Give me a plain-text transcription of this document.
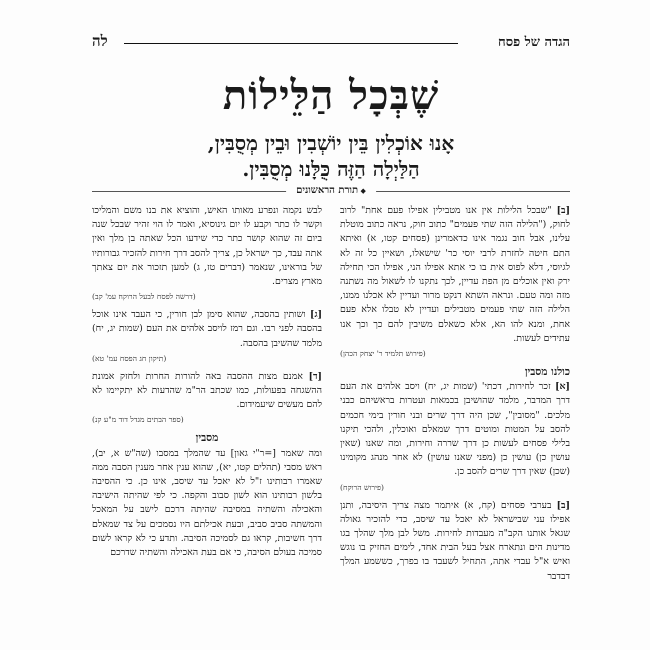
הגדה של פסח
לה
שֶׁבְּכָל הַלֵּילוֹת
אָנוּ אוֹכְלִין בֵּין יוֹשְׁבִין וּבֵין מְסֻבִּין,
הַלַּיְלָה הַזֶּה כֻּלָּנוּ מְסֻבִּין.
◆ תורת הראשונים

[ב] "שבכל הלילות אין אנו מטבילין אפילו פעם אחת" לרוב לחוק, ("הלילה הזה שתי פעמים" כתוב חוק, נראה כתוב מוטלת עלינו, אבל חוב נגמר אינו כדאמרינן (פסחים קטו, א) ואיתא התם חיטה לחזרת לרבי יוסי כר' שישאלו, ושאיין כל זה לא לגיוסי, דלא לפוס אית בו כי אתא אפילו הני, אפילו הכי תחילה ירק ואין אוכלים מן הפת עדיין, לכך נתקנו לו לשאול מה נשתנה מזה ומה טעם. ונראה השתא דנקט מרור ועדיין לא אכלנו ממנו, הלילה הזה שתי פעמים מטבילים ועדיין לא טבלו אלא פעם אחת, ומנא להו הא, אלא כשאלם משיבין להם כך וכך אנו עתידים לעשות.

(פירוש תלמיד ר' יצחק הכהן)
כולנו מסבין

[א] זכר לחירות, דכתי' (שמות יג, יח) ויסב אלהים את העם דרך המדבר, מלמד שהושיבן בכמאות ועטרות בראשיהם כבני מלכים. "מסובין", שכן היה דרך שרים ובני חורין בימי חכמים להסב על המטות ומוטים דרך שמאלם ואוכלין, ולהכי תיקנו בלילי פסחים לעשות כן דרך שררה וחירות, ומה שאנו (שאין עושין כן) עושין כן (מפני שאנו עושין) לא אחר מנהג מקומינו (שכן) שאין דרך שרים להסב כן.

(פירוש הרוקח)

[ב] בערבי פסחים (קח, א) איתמר מצה צריך היסיבה, ותנן אפילו עני שבישראל לא יאכל עד שיסב, כדי להזכיר גאולה שגאל אותנו הקב"ה מעבדות לחירות. משל לבן מלך שהלך בגו מדינות הים ונתארח אצל בעל הבית אחד, לימים החזיק בו נוגש ואיש א"ל עבדי אתה, התחיל לשעבד בו בפרך, כששמע המלך דבדבר

לבש נקמה ונפרע מאותו האיש, והוציא את בנו משם והמליכו וקשר לו כתר וקבע לו יום גינוסיא, ואמר לו הוי זהיר שבכל שנה ביום זה שהוא קושר כתר כדי שידעו הכל שאתה בן מלך ואין אתה עבד, כך ישראל כן, צריך להסב דרך חירות להזכיר גבורותיו של בוראינו, שנאמר (דברים טז, ג) למען תזכור את יום צאתך מארץ מצרים.

(דרשה לפסח לבעל הרוקח עמ' קב)

[ג] ושותין בהסבה, שהוא סימן לבן חורין, כי העבד אינו אוכל בהסבה לפני רבו. וגם רמז לויסב אלהים את העם (שמות יג, יח) מלמד שהשיבן בהסבה.

(תיקון חג הפסח עמ' טא)

[ד] אמנם מצות ההסבה באה להורות החרות ולחזק אמונת ההשגחה בפעולות, כמו שכתב הר"מ שהדעות לא יתקיימו לא להם מעשים שיעמידום.

(ספר הבתים מגדל דוד מ"ע קנ)
מסבין

ומה שאמר [=ר"י גאון] עד שהמלך במסבו (שה"ש א, יב), ראש מסבי (תהלים קטו, יא), שהוא ענין אחר מענין הסבה ממה שאמרו רבותינו ז"ל לא יאכל עד שיסב, אינו כן. כי ההסיבה בלשון רבותינו הוא לשון סבוב והקפה. כי לפי שהיתה הישיבה והאכילה והשתיה במסיבה שהיתה דרכם לישב על המאכל והמשתה סביב סביב, ובעת אכילתם היו נסמכים על צד שמאלם דרך חשיבות, קראו גם לסמיכה הסיבה. ותדע כי לא קראו לשום סמיכה בעולם הסיבה, כי אם בעת האכילה והשתיה שדרכם
